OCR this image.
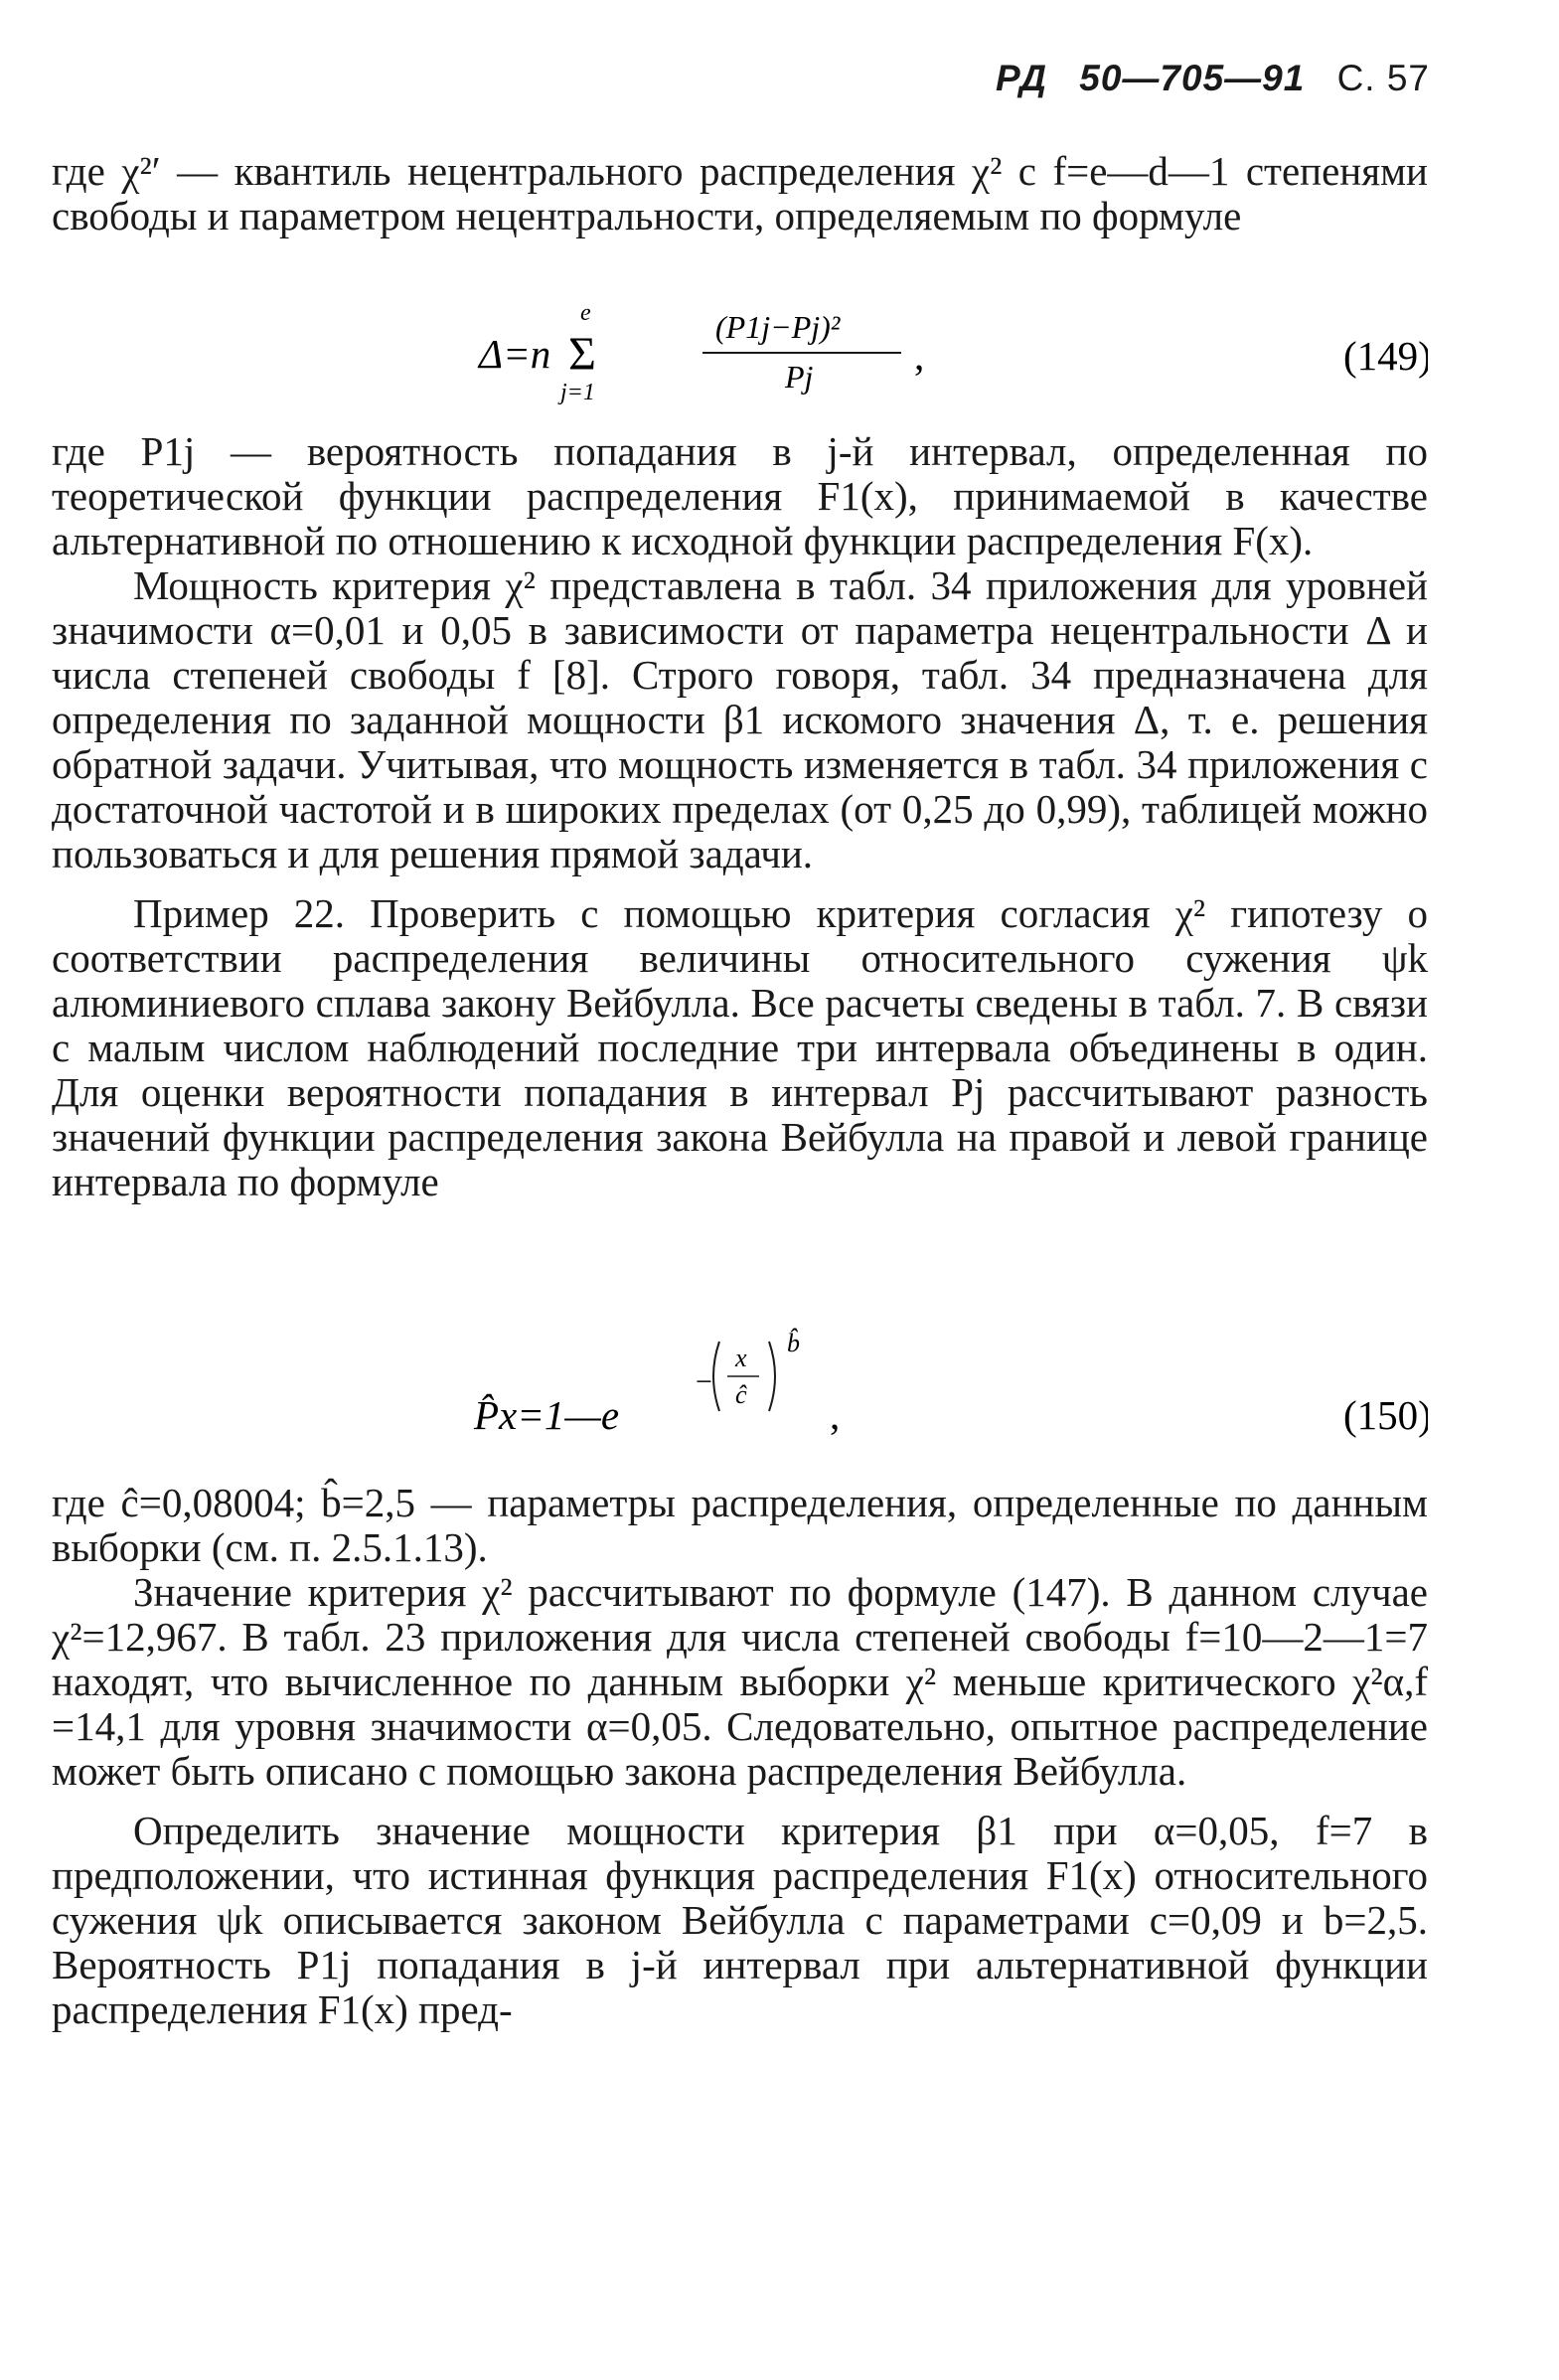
РД 50—705—91 С. 57

где χ²′ — квантиль нецентрального распределения χ² с f=e—d—1 степенями свободы и параметром нецентральности, определяемым по формуле

Δ=n
e
Σ
j=1
(P1j−Pj)²
Pj ,	(149)

где P1j — вероятность попадания в j-й интервал, определенная по теоретической функции распределения F1(x), принимаемой в качестве альтернативной по отношению к исходной функции распределения F(x).

Мощность критерия χ² представлена в табл. 34 приложения для уровней значимости α=0,01 и 0,05 в зависимости от параметра нецентральности Δ и числа степеней свободы f [8]. Строго говоря, табл. 34 предназначена для определения по заданной мощности β1 искомого значения Δ, т. е. решения обратной задачи. Учитывая, что мощность изменяется в табл. 34 приложения с достаточной частотой и в широких пределах (от 0,25 до 0,99), таблицей можно пользоваться и для решения прямой задачи.

Пример 22. Проверить с помощью критерия согласия χ² гипотезу о соответствии распределения величины относительного сужения ψk алюминиевого сплава закону Вейбулла. Все расчеты сведены в табл. 7. В связи с малым числом наблюдений последние три интервала объединены в один. Для оценки вероятности попадания в интервал Pj рассчитывают разность значений функции распределения закона Вейбулла на правой и левой границе интервала по формуле

P̂x=1—e
−
x
ĉ
b̂
,	(150)

где ĉ=0,08004; b̂=2,5 — параметры распределения, определенные по данным выборки (см. п. 2.5.1.13).

Значение критерия χ² рассчитывают по формуле (147). В данном случае χ²=12,967. В табл. 23 приложения для числа степеней свободы f=10—2—1=7 находят, что вычисленное по данным выборки χ² меньше критического χ²α,f =14,1 для уровня значимости α=0,05. Следовательно, опытное распределение может быть описано с помощью закона распределения Вейбулла.

Определить значение мощности критерия β1 при α=0,05, f=7 в предположении, что истинная функция распределения F1(x) относительного сужения ψk описывается законом Вейбулла с параметрами c=0,09 и b=2,5. Вероятность P1j попадания в j-й интервал при альтернативной функции распределения F1(x) пред-
